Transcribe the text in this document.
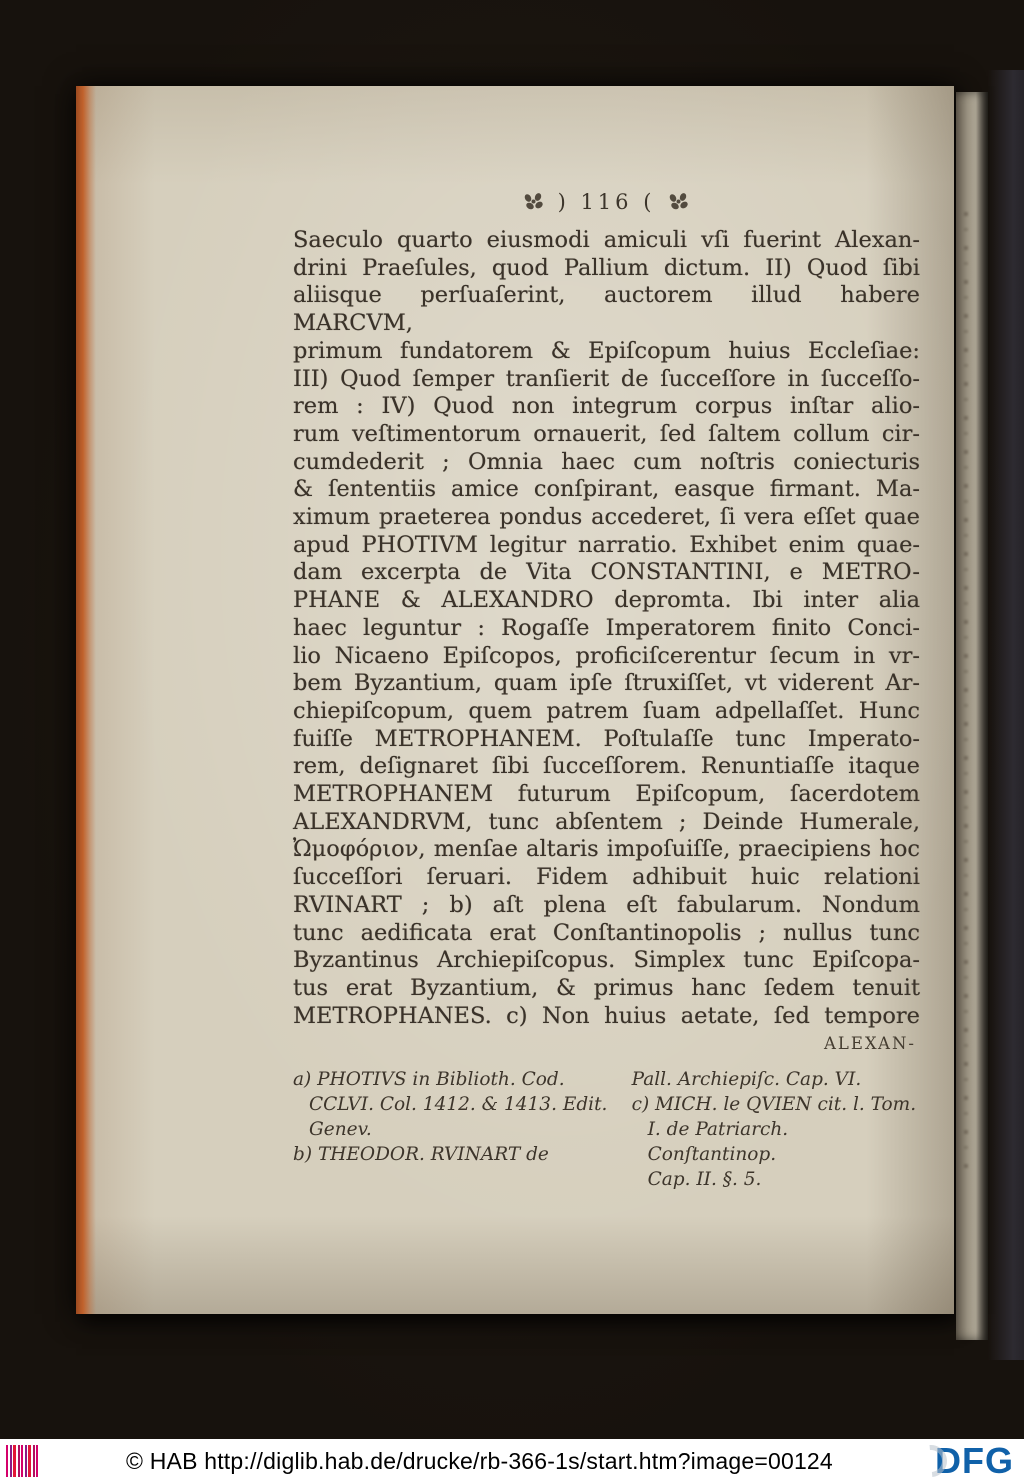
) 116 (
Saeculo quarto eiusmodi amiculi vſi fuerint Alexan-
drini Praeſules, quod Pallium dictum. II) Quod ſibi
aliisque perſuaſerint, auctorem illud habere MARCVM,
primum fundatorem & Epiſcopum huius Eccleſiae:
III) Quod ſemper tranſierit de ſucceſſore in ſucceſſo-
rem : IV) Quod non integrum corpus inſtar alio-
rum veſtimentorum ornauerit, ſed ſaltem collum cir-
cumdederit ; Omnia haec cum noſtris coniecturis
& ſententiis amice conſpirant, easque firmant. Ma-
ximum praeterea pondus accederet, ſi vera eſſet quae
apud PHOTIVM legitur narratio. Exhibet enim quae-
dam excerpta de Vita CONSTANTINI, e METRO-
PHANE & ALEXANDRO depromta. Ibi inter alia
haec leguntur : Rogaſſe Imperatorem finito Conci-
lio Nicaeno Epiſcopos, proficiſcerentur ſecum in vr-
bem Byzantium, quam ipſe ſtruxiſſet, vt viderent Ar-
chiepiſcopum, quem patrem ſuam adpellaſſet. Hunc
fuiſſe METROPHANEM. Poſtulaſſe tunc Imperato-
rem, deſignaret ſibi ſucceſſorem. Renuntiaſſe itaque
METROPHANEM futurum Epiſcopum, ſacerdotem
ALEXANDRVM, tunc abſentem ; Deinde Humerale,
Ὠμοφόριον, menſae altaris impoſuiſſe, praecipiens hoc
ſucceſſori ſeruari. Fidem adhibuit huic relationi
RVINART ; b) aſt plena eſt fabularum. Nondum
tunc aedificata erat Conſtantinopolis ; nullus tunc
Byzantinus Archiepiſcopus. Simplex tunc Epiſcopa-
tus erat Byzantium, & primus hanc ſedem tenuit
METROPHANES. c) Non huius aetate, ſed tempore
ALEXAN-
a) PHOTIVS in Biblioth. Cod.
CCLVI. Col. 1412. & 1413. Edit.
Genev.
b) THEODOR. RVINART de
Pall. Archiepiſc. Cap. VI.
c) MICH. le QVIEN cit. l. Tom.
I. de Patriarch. Conſtantinop.
Cap. II. §. 5.
© HAB http://diglib.hab.de/drucke/rb-366-1s/start.htm?image=00124	DFG
